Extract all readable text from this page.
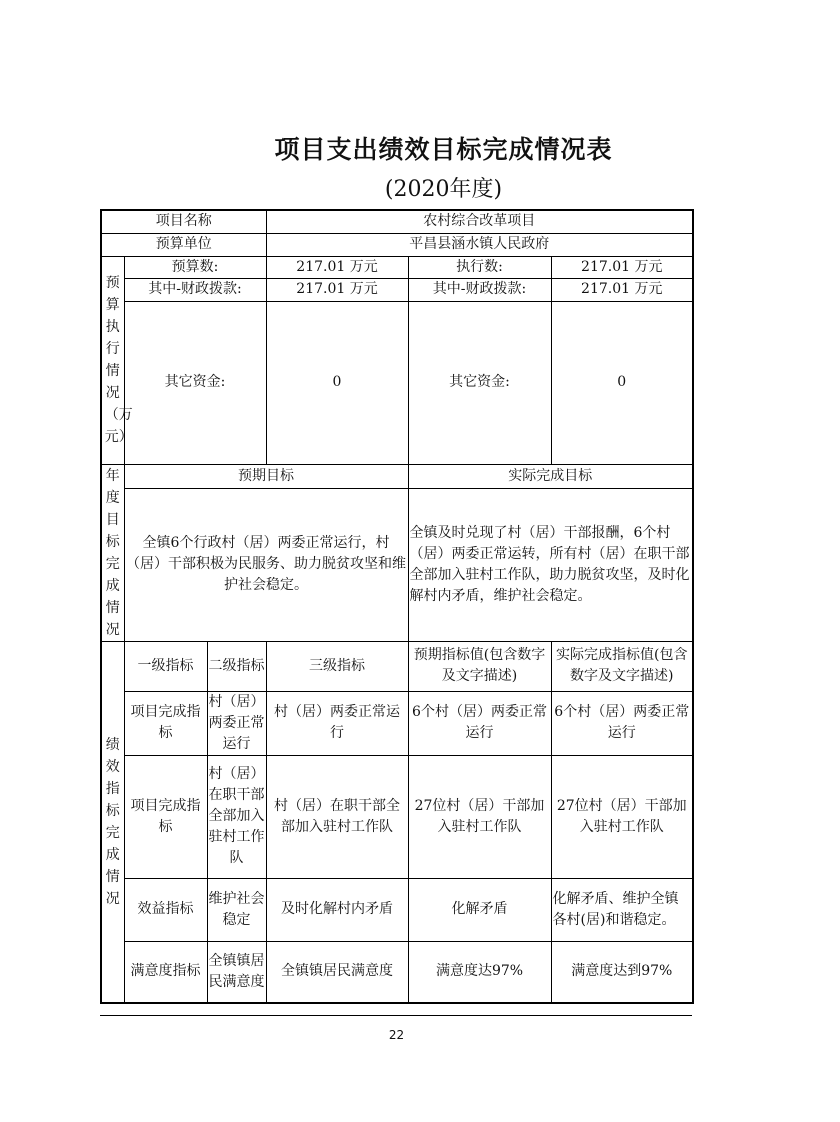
项目支出绩效目标完成情况表
(2020年度)
项目名称			农村综合改革项目		
预算单位			平昌县涵水镇人民政府		

预算执行情况（万元）	预算数:		217.01 万元	执行数:	217.01 万元
	其中-财政拨款:		217.01 万元	其中-财政拨款:	217.01 万元
	其它资金:		0	其它资金:	0

年度目标完成情况	预期目标			实际完成目标	
	全镇6个行政村（居）两委正常运行，村（居）干部积极为民服务、助力脱贫攻坚和维护社会稳定。			全镇及时兑现了村（居）干部报酬，6个村（居）两委正常运转，所有村（居）在职干部全部加入驻村工作队，助力脱贫攻坚，及时化解村内矛盾，维护社会稳定。	

绩效指标完成情况	一级指标	二级指标	三级指标	预期指标值(包含数字及文字描述)	实际完成指标值(包含数字及文字描述)
	项目完成指标	村（居）两委正常运行	村（居）两委正常运行	6个村（居）两委正常运行	6个村（居）两委正常运行
	项目完成指标	村（居）在职干部全部加入驻村工作队	村（居）在职干部全部加入驻村工作队	27位村（居）干部加入驻村工作队	27位村（居）干部加入驻村工作队
	效益指标	维护社会稳定	及时化解村内矛盾	化解矛盾	化解矛盾、维护全镇各村(居)和谐稳定。
	满意度指标	全镇镇居民满意度	全镇镇居民满意度	满意度达97%	满意度达到97%
22
